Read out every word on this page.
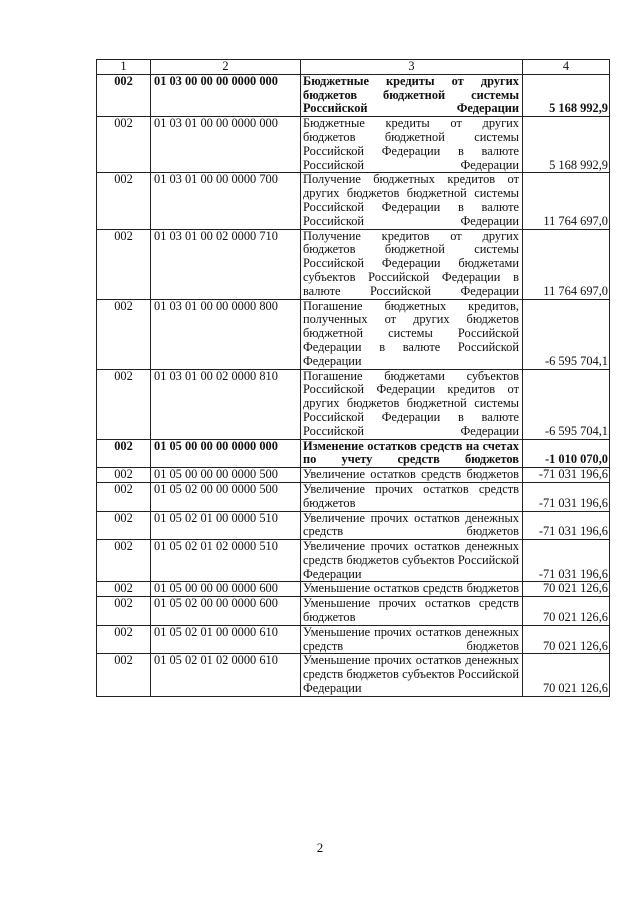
1	2	3	4
002	01 03 00 00 00 0000 000	Бюджетные кредиты от других бюджетов бюджетной системы Российской Федерации	5 168 992,9
002	01 03 01 00 00 0000 000	Бюджетные кредиты от других бюджетов бюджетной системы Российской Федерации в валюте Российской Федерации	5 168 992,9
002	01 03 01 00 00 0000 700	Получение бюджетных кредитов от других бюджетов бюджетной системы Российской Федерации в валюте Российской Федерации	11 764 697,0
002	01 03 01 00 02 0000 710	Получение кредитов от других бюджетов бюджетной системы Российской Федерации бюджетами субъектов Российской Федерации в валюте Российской Федерации	11 764 697,0
002	01 03 01 00 00 0000 800	Погашение бюджетных кредитов, полученных от других бюджетов бюджетной системы Российской Федерации в валюте Российской Федерации	-6 595 704,1
002	01 03 01 00 02 0000 810	Погашение бюджетами субъектов Российской Федерации кредитов от других бюджетов бюджетной системы Российской Федерации в валюте Российской Федерации	-6 595 704,1
002	01 05 00 00 00 0000 000	Изменение остатков средств на счетах по учету средств бюджетов	-1 010 070,0
002	01 05 00 00 00 0000 500	Увеличение остатков средств бюджетов	-71 031 196,6
002	01 05 02 00 00 0000 500	Увеличение прочих остатков средств бюджетов	-71 031 196,6
002	01 05 02 01 00 0000 510	Увеличение прочих остатков денежных средств бюджетов	-71 031 196,6
002	01 05 02 01 02 0000 510	Увеличение прочих остатков денежных средств бюджетов субъектов Российской Федерации	-71 031 196,6
002	01 05 00 00 00 0000 600	Уменьшение остатков средств бюджетов	70 021 126,6
002	01 05 02 00 00 0000 600	Уменьшение прочих остатков средств бюджетов	70 021 126,6
002	01 05 02 01 00 0000 610	Уменьшение прочих остатков денежных средств бюджетов	70 021 126,6
002	01 05 02 01 02 0000 610	Уменьшение прочих остатков денежных средств бюджетов субъектов Российской Федерации	70 021 126,6
2
